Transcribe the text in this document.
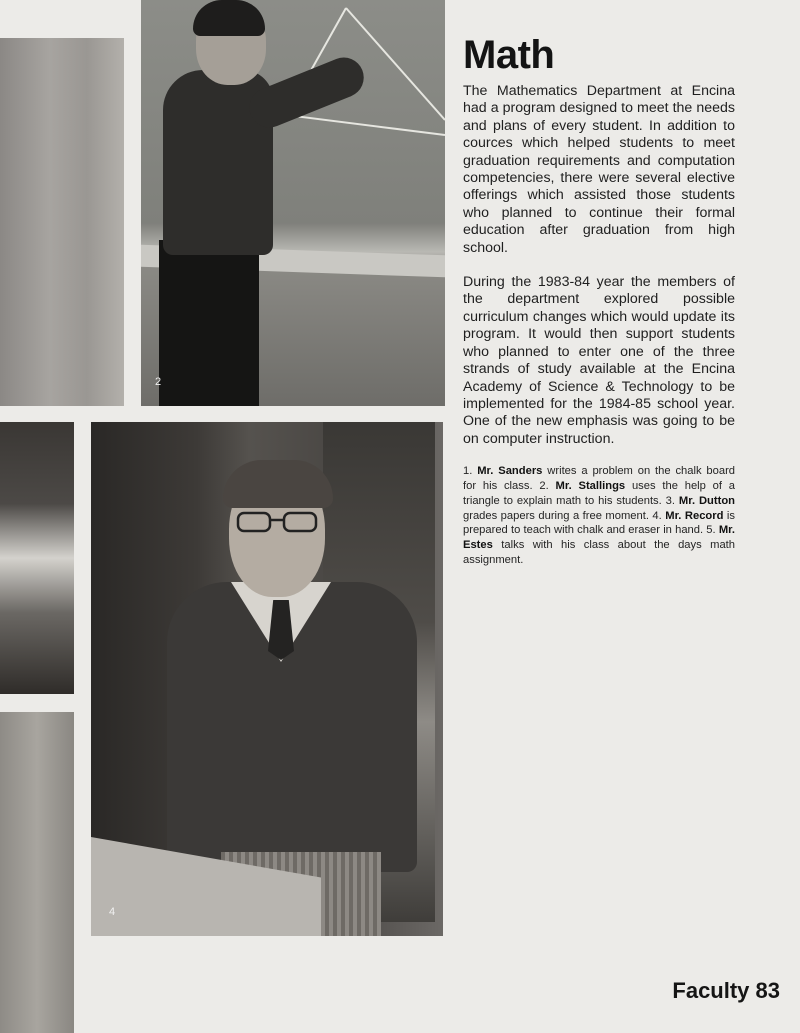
2
4
Math

The Mathematics Department at Encina had a program designed to meet the needs and plans of every student. In addition to cources which helped students to meet graduation requirements and computation competencies, there were several elective offerings which assisted those students who planned to continue their formal education after graduation from high school.

During the 1983-84 year the members of the department explored possible curriculum changes which would update its program. It would then support students who planned to enter one of the three strands of study available at the Encina Academy of Science & Technology to be implemented for the 1984-85 school year. One of the new emphasis was going to be on computer instruction.

1. Mr. Sanders writes a problem on the chalk board for his class. 2. Mr. Stallings uses the help of a triangle to explain math to his students. 3. Mr. Dutton grades papers during a free moment. 4. Mr. Record is prepared to teach with chalk and eraser in hand. 5. Mr. Estes talks with his class about the days math assignment.
Faculty 83
